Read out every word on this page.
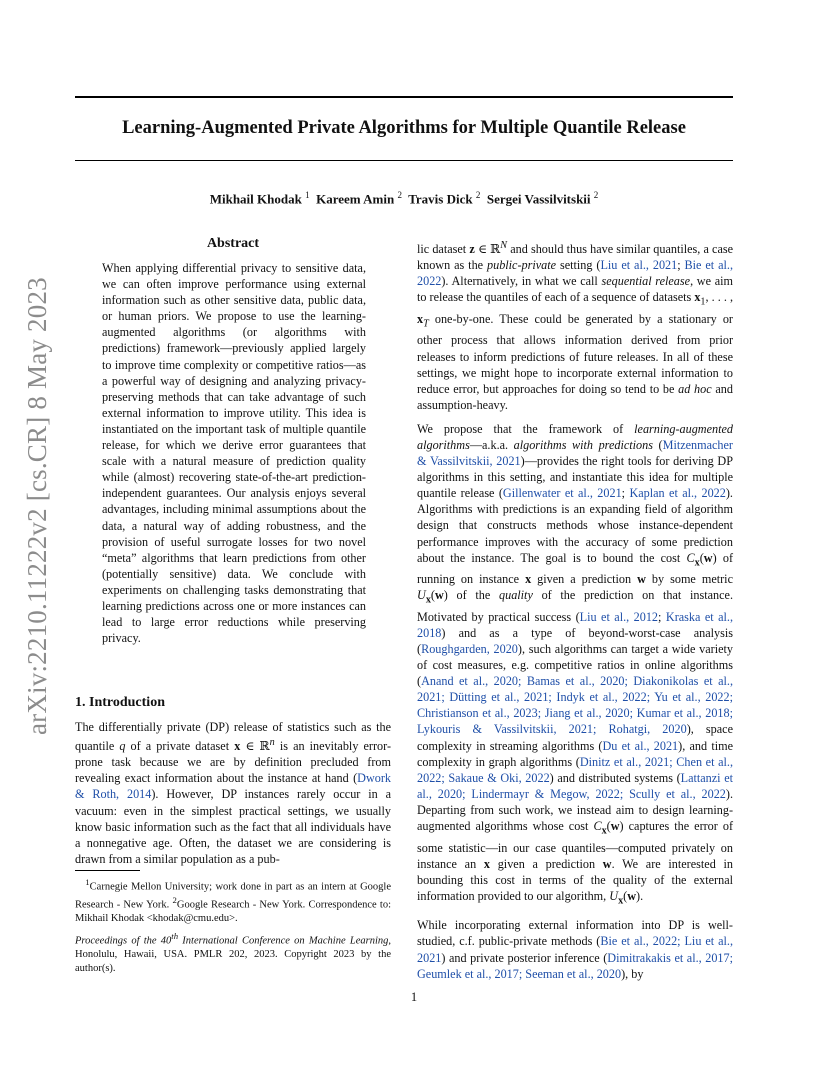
Learning-Augmented Private Algorithms for Multiple Quantile Release
Mikhail Khodak $^1$ Kareem Amin $^2$ Travis Dick $^2$ Sergei Vassilvitskii $^2$
arXiv:2210.11222v2 [cs.CR] 8 May 2023
Abstract

When applying differential privacy to sensitive data, we can often improve performance using external information such as other sensitive data, public data, or human priors. We propose to use the learning-augmented algorithms (or algorithms with predictions) framework—previously applied largely to improve time complexity or competitive ratios—as a powerful way of designing and analyzing privacy-preserving methods that can take advantage of such external information to improve utility. This idea is instantiated on the important task of multiple quantile release, for which we derive error guarantees that scale with a natural measure of prediction quality while (almost) recovering state-of-the-art prediction-independent guarantees. Our analysis enjoys several advantages, including minimal assumptions about the data, a natural way of adding robustness, and the provision of useful surrogate losses for two novel “meta” algorithms that learn predictions from other (potentially sensitive) data. We conclude with experiments on challenging tasks demonstrating that learning predictions across one or more instances can lead to large error reductions while preserving privacy.

1. Introduction

The differentially private (DP) release of statistics such as the quantile q of a private dataset x ∈ ℝ$^n$ is an inevitably error-prone task because we are by definition precluded from revealing exact information about the instance at hand (Dwork & Roth, 2014). However, DP instances rarely occur in a vacuum: even in the simplest practical settings, we usually know basic information such as the fact that all individuals have a nonnegative age. Often, the dataset we are considering is drawn from a similar population as a pub-

$^1$Carnegie Mellon University; work done in part as an intern at Google Research - New York. $^2$Google Research - New York. Correspondence to: Mikhail Khodak <khodak@cmu.edu>.

Proceedings of the 40th International Conference on Machine Learning, Honolulu, Hawaii, USA. PMLR 202, 2023. Copyright 2023 by the author(s).

lic dataset z ∈ ℝ$^N$ and should thus have similar quantiles, a case known as the public-private setting (Liu et al., 2021; Bie et al., 2022). Alternatively, in what we call sequential release, we aim to release the quantiles of each of a sequence of datasets $x_1$, . . . , $x_T$ one-by-one. These could be generated by a stationary or other process that allows information derived from prior releases to inform predictions of future releases. In all of these settings, we might hope to incorporate external information to reduce error, but approaches for doing so tend to be ad hoc and assumption-heavy.

We propose that the framework of learning-augmented algorithms—a.k.a. algorithms with predictions (Mitzenmacher & Vassilvitskii, 2021)—provides the right tools for deriving DP algorithms in this setting, and instantiate this idea for multiple quantile release (Gillenwater et al., 2021; Kaplan et al., 2022). Algorithms with predictions is an expanding field of algorithm design that constructs methods whose instance-dependent performance improves with the accuracy of some prediction about the instance. The goal is to bound the cost $C_x(w)$ of running on instance x given a prediction w by some metric $U_x(w)$ of the quality of the prediction on that instance. Motivated by practical success (Liu et al., 2012; Kraska et al., 2018) and as a type of beyond-worst-case analysis (Roughgarden, 2020), such algorithms can target a wide variety of cost measures, e.g. competitive ratios in online algorithms (Anand et al., 2020; Bamas et al., 2020; Diakonikolas et al., 2021; Dütting et al., 2021; Indyk et al., 2022; Yu et al., 2022; Christianson et al., 2023; Jiang et al., 2020; Kumar et al., 2018; Lykouris & Vassilvitskii, 2021; Rohatgi, 2020), space complexity in streaming algorithms (Du et al., 2021), and time complexity in graph algorithms (Dinitz et al., 2021; Chen et al., 2022; Sakaue & Oki, 2022) and distributed systems (Lattanzi et al., 2020; Lindermayr & Megow, 2022; Scully et al., 2022). Departing from such work, we instead aim to design learning-augmented algorithms whose cost $C_x(w)$ captures the error of some statistic—in our case quantiles—computed privately on instance an x given a prediction w. We are interested in bounding this cost in terms of the quality of the external information provided to our algorithm, $U_x(w)$.

While incorporating external information into DP is well-studied, c.f. public-private methods (Bie et al., 2022; Liu et al., 2021) and private posterior inference (Dimitrakakis et al., 2017; Geumlek et al., 2017; Seeman et al., 2020), by

1
